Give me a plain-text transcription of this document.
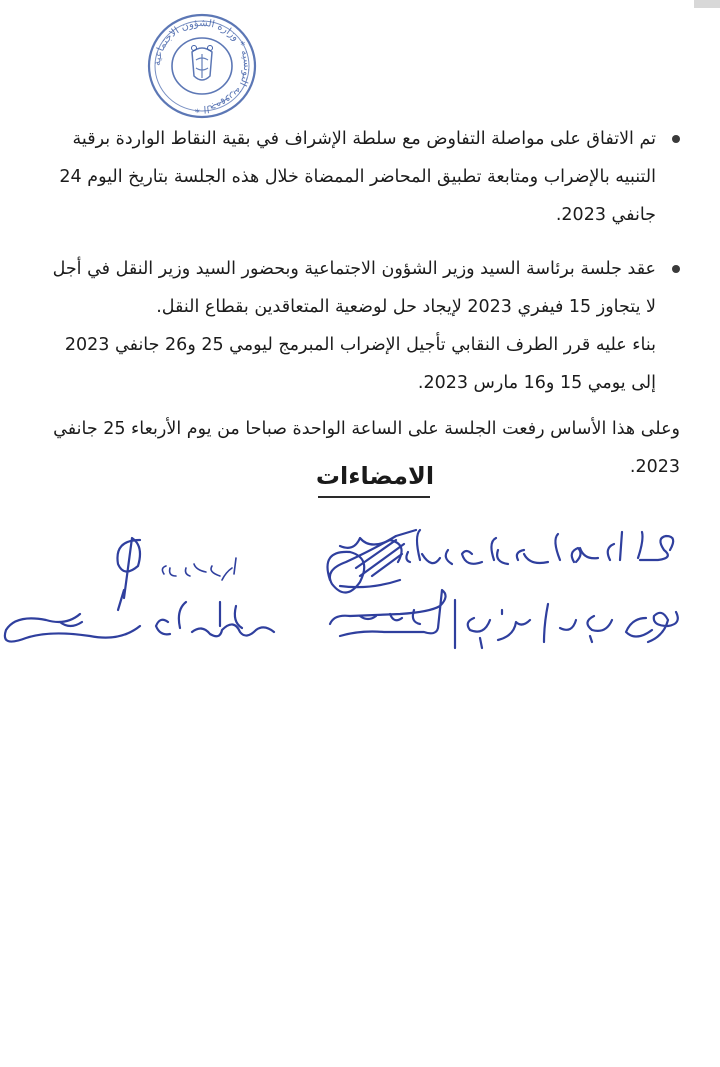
الجمهورية التونسية * وزارة الشؤون الاجتماعية *
تم الاتفاق على مواصلة التفاوض مع سلطة الإشراف في بقية النقاط الواردة برقية التنبيه بالإضراب ومتابعة تطبيق المحاضر الممضاة خلال هذه الجلسة بتاريخ اليوم 24 جانفي 2023.
عقد جلسة برئاسة السيد وزير الشؤون الاجتماعية وبحضور السيد وزير النقل في أجل لا يتجاوز 15 فيفري 2023 لإيجاد حل لوضعية المتعاقدين بقطاع النقل.
بناء عليه قرر الطرف النقابي تأجيل الإضراب المبرمج ليومي 25 و26 جانفي 2023 إلى يومي 15 و16 مارس 2023.
وعلى هذا الأساس رفعت الجلسة على الساعة الواحدة صباحا من يوم الأربعاء 25 جانفي 2023.
الامضاءات
